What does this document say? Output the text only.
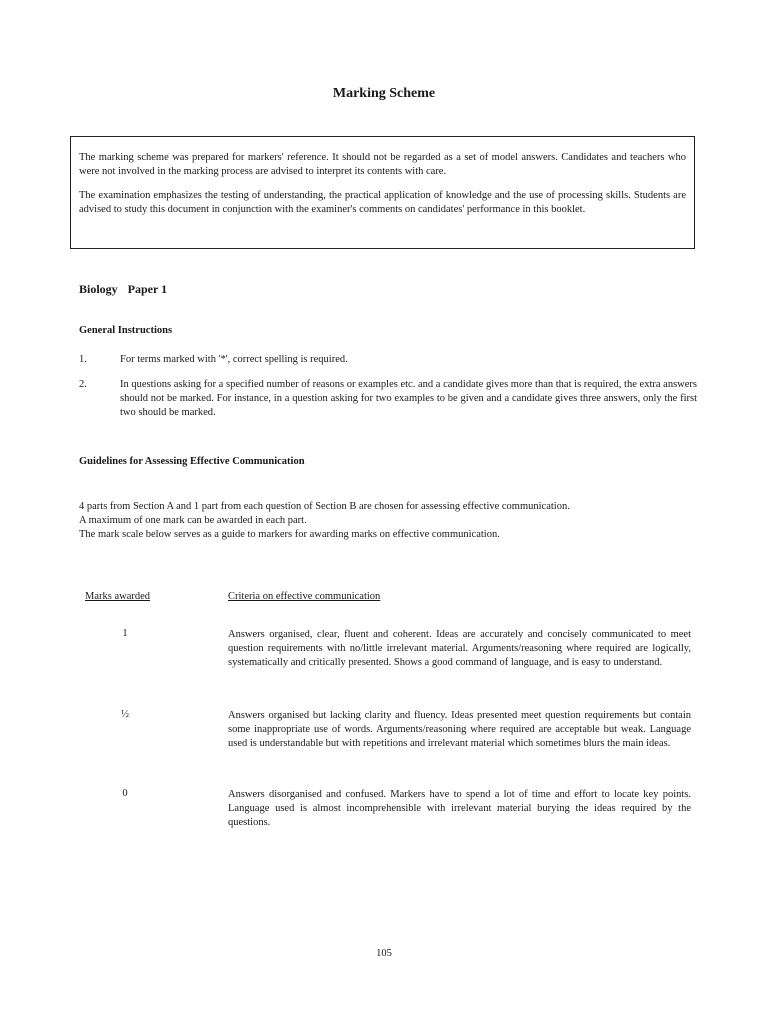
Marking Scheme

The marking scheme was prepared for markers' reference. It should not be regarded as a set of model answers. Candidates and teachers who were not involved in the marking process are advised to interpret its contents with care.

The examination emphasizes the testing of understanding, the practical application of knowledge and the use of processing skills. Students are advised to study this document in conjunction with the examiner's comments on candidates' performance in this booklet.

Biology Paper 1
General Instructions
1.	For terms marked with '*', correct spelling is required.
2.	In questions asking for a specified number of reasons or examples etc. and a candidate gives more than that is required, the extra answers should not be marked. For instance, in a question asking for two examples to be given and a candidate gives three answers, only the first two should be marked.
Guidelines for Assessing Effective Communication
4 parts from Section A and 1 part from each question of Section B are chosen for assessing effective communication.
A maximum of one mark can be awarded in each part.
The mark scale below serves as a guide to markers for awarding marks on effective communication.
Marks awarded	Criteria on effective communication
1	Answers organised, clear, fluent and coherent. Ideas are accurately and concisely communicated to meet question requirements with no/little irrelevant material. Arguments/reasoning where required are logically, systematically and critically presented. Shows a good command of language, and is easy to understand.
½	Answers organised but lacking clarity and fluency. Ideas presented meet question requirements but contain some inappropriate use of words. Arguments/reasoning where required are acceptable but weak. Language used is understandable but with repetitions and irrelevant material which sometimes blurs the main ideas.
0	Answers disorganised and confused. Markers have to spend a lot of time and effort to locate key points. Language used is almost incomprehensible with irrelevant material burying the ideas required by the questions.
105
